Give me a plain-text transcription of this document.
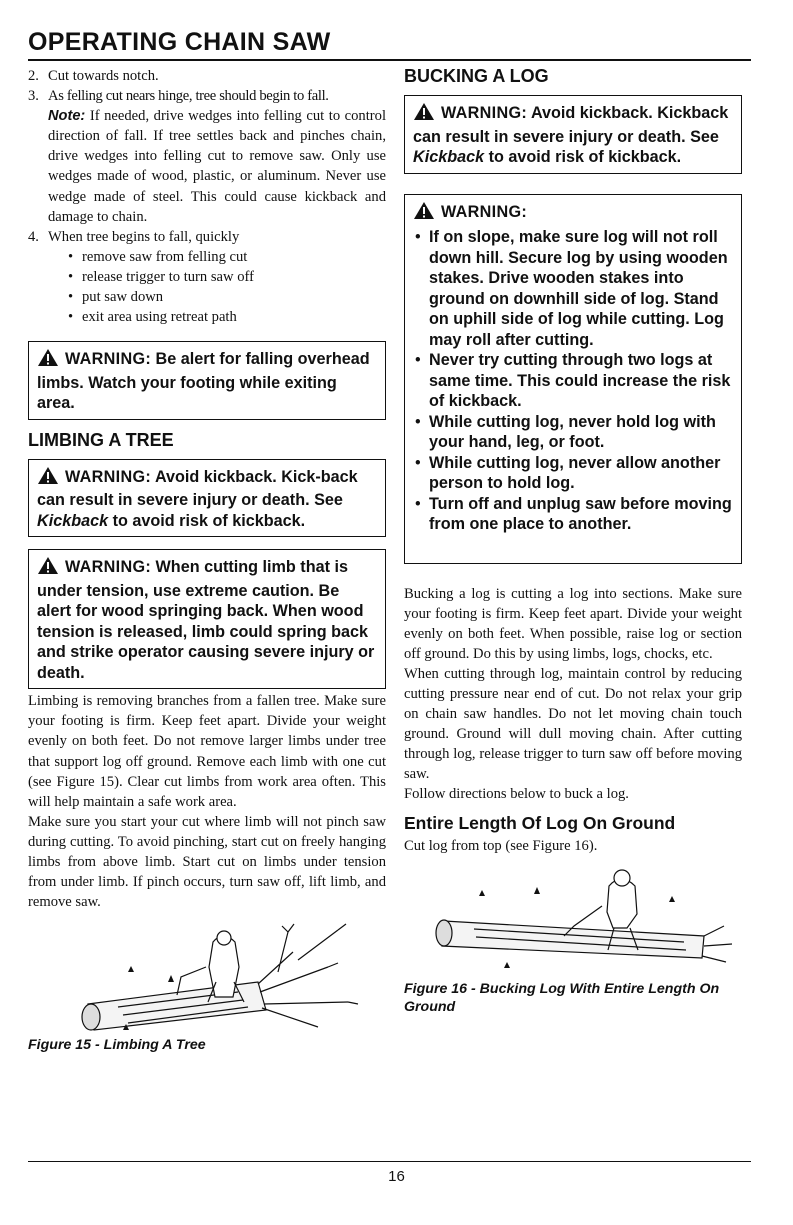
OPERATING CHAIN SAW
2. Cut towards notch.
3. As felling cut nears hinge, tree should begin to fall.
Note: If needed, drive wedges into felling cut to control direction of fall. If tree settles back and pinches chain, drive wedges into felling cut to remove saw. Only use wedges made of wood, plastic, or aluminum. Never use wedge made of steel. This could cause kickback and damage to chain.
4. When tree begins to fall, quickly
• remove saw from felling cut
• release trigger to turn saw off
• put saw down
• exit area using retreat path
WARNING: Be alert for falling overhead limbs. Watch your footing while exiting area.
LIMBING A TREE
WARNING: Avoid kickback. Kick-back can result in severe injury or death. See Kickback to avoid risk of kickback.
WARNING: When cutting limb that is under tension, use extreme caution. Be alert for wood springing back. When wood tension is released, limb could spring back and strike operator causing severe injury or death.
Limbing is removing branches from a fallen tree. Make sure your footing is firm. Keep feet apart. Divide your weight evenly on both feet. Do not remove larger limbs under tree that support log off ground. Remove each limb with one cut (see Figure 15). Clear cut limbs from work area often. This will help maintain a safe work area.
Make sure you start your cut where limb will not pinch saw during cutting. To avoid pinching, start cut on freely hanging limbs from above limb. Start cut on limbs under tension from under limb. If pinch occurs, turn saw off, lift limb, and remove saw.
Figure 15 - Limbing A Tree
BUCKING A LOG
WARNING: Avoid kickback. Kickback can result in severe injury or death. See Kickback to avoid risk of kickback.
WARNING:
• If on slope, make sure log will not roll down hill. Secure log by using wooden stakes. Drive wooden stakes into ground on downhill side of log. Stand on uphill side of log while cutting. Log may roll after cutting.
• Never try cutting through two logs at same time. This could increase the risk of kickback.
• While cutting log, never hold log with your hand, leg, or foot.
• While cutting log, never allow another person to hold log.
• Turn off and unplug saw before moving from one place to another.
Bucking a log is cutting a log into sections. Make sure your footing is firm. Keep feet apart. Divide your weight evenly on both feet. When possible, raise log or section off ground. Do this by using limbs, logs, chocks, etc.
When cutting through log, maintain control by reducing cutting pressure near end of cut. Do not relax your grip on chain saw handles. Do not let moving chain touch ground. Ground will dull moving chain. After cutting through log, release trigger to turn saw off before moving saw.
Follow directions below to buck a log.
Entire Length Of Log On Ground
Cut log from top (see Figure 16).
Figure 16 - Bucking Log With Entire Length On Ground
16
